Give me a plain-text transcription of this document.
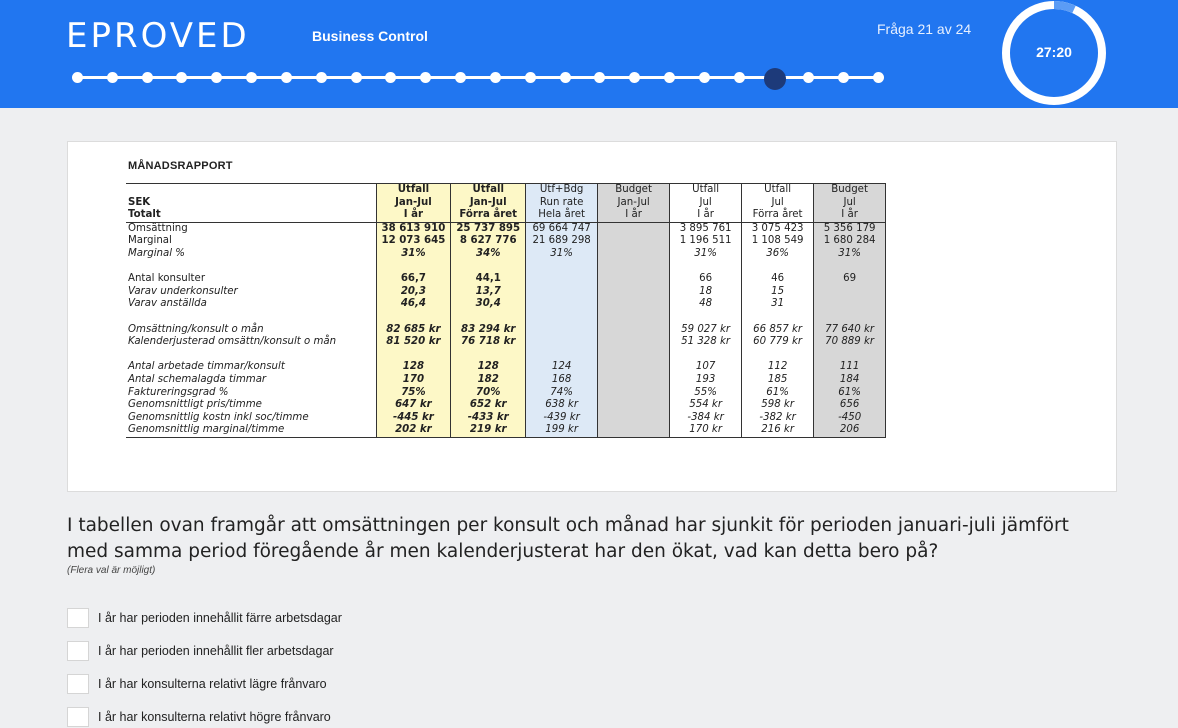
EPROVED	Business Control	Fråga 21 av 24
27:20
MÅNADSRAPPORT
	Utfall	Utfall	Utf+Bdg	Budget	Utfall	Utfall	Budget
SEK	Jan-Jul	Jan-Jul	Run rate	Jan-Jul	Jul	Jul	Jul
Totalt	I år	Förra året	Hela året	I år	I år	Förra året	I år
Omsättning	38 613 910	25 737 895	69 664 747		3 895 761	3 075 423	5 356 179
Marginal	12 073 645	8 627 776	21 689 298		1 196 511	1 108 549	1 680 284
Marginal %	31%	34%	31%		31%	36%	31%

Antal konsulter	66,7	44,1			66	46	69
Varav underkonsulter	20,3	13,7			18	15	
Varav anställda	46,4	30,4			48	31	

Omsättning/konsult o mån	82 685 kr	83 294 kr			59 027 kr	66 857 kr	77 640 kr
Kalenderjusterad omsättn/konsult o mån	81 520 kr	76 718 kr			51 328 kr	60 779 kr	70 889 kr

Antal arbetade timmar/konsult	128	128	124		107	112	111
Antal schemalagda timmar	170	182	168		193	185	184
Faktureringsgrad %	75%	70%	74%		55%	61%	61%
Genomsnittligt pris/timme	647 kr	652 kr	638 kr		554 kr	598 kr	656
Genomsnittlig kostn inkl soc/timme	-445 kr	-433 kr	-439 kr		-384 kr	-382 kr	-450
Genomsnittlig marginal/timme	202 kr	219 kr	199 kr		170 kr	216 kr	206
I tabellen ovan framgår att omsättningen per konsult och månad har sjunkit för perioden januari-juli jämfört med samma period föregående år men kalenderjusterat har den ökat, vad kan detta bero på?
(Flera val är möjligt)
I år har perioden innehållit färre arbetsdagar
I år har perioden innehållit fler arbetsdagar
I år har konsulterna relativt lägre frånvaro
I år har konsulterna relativt högre frånvaro
